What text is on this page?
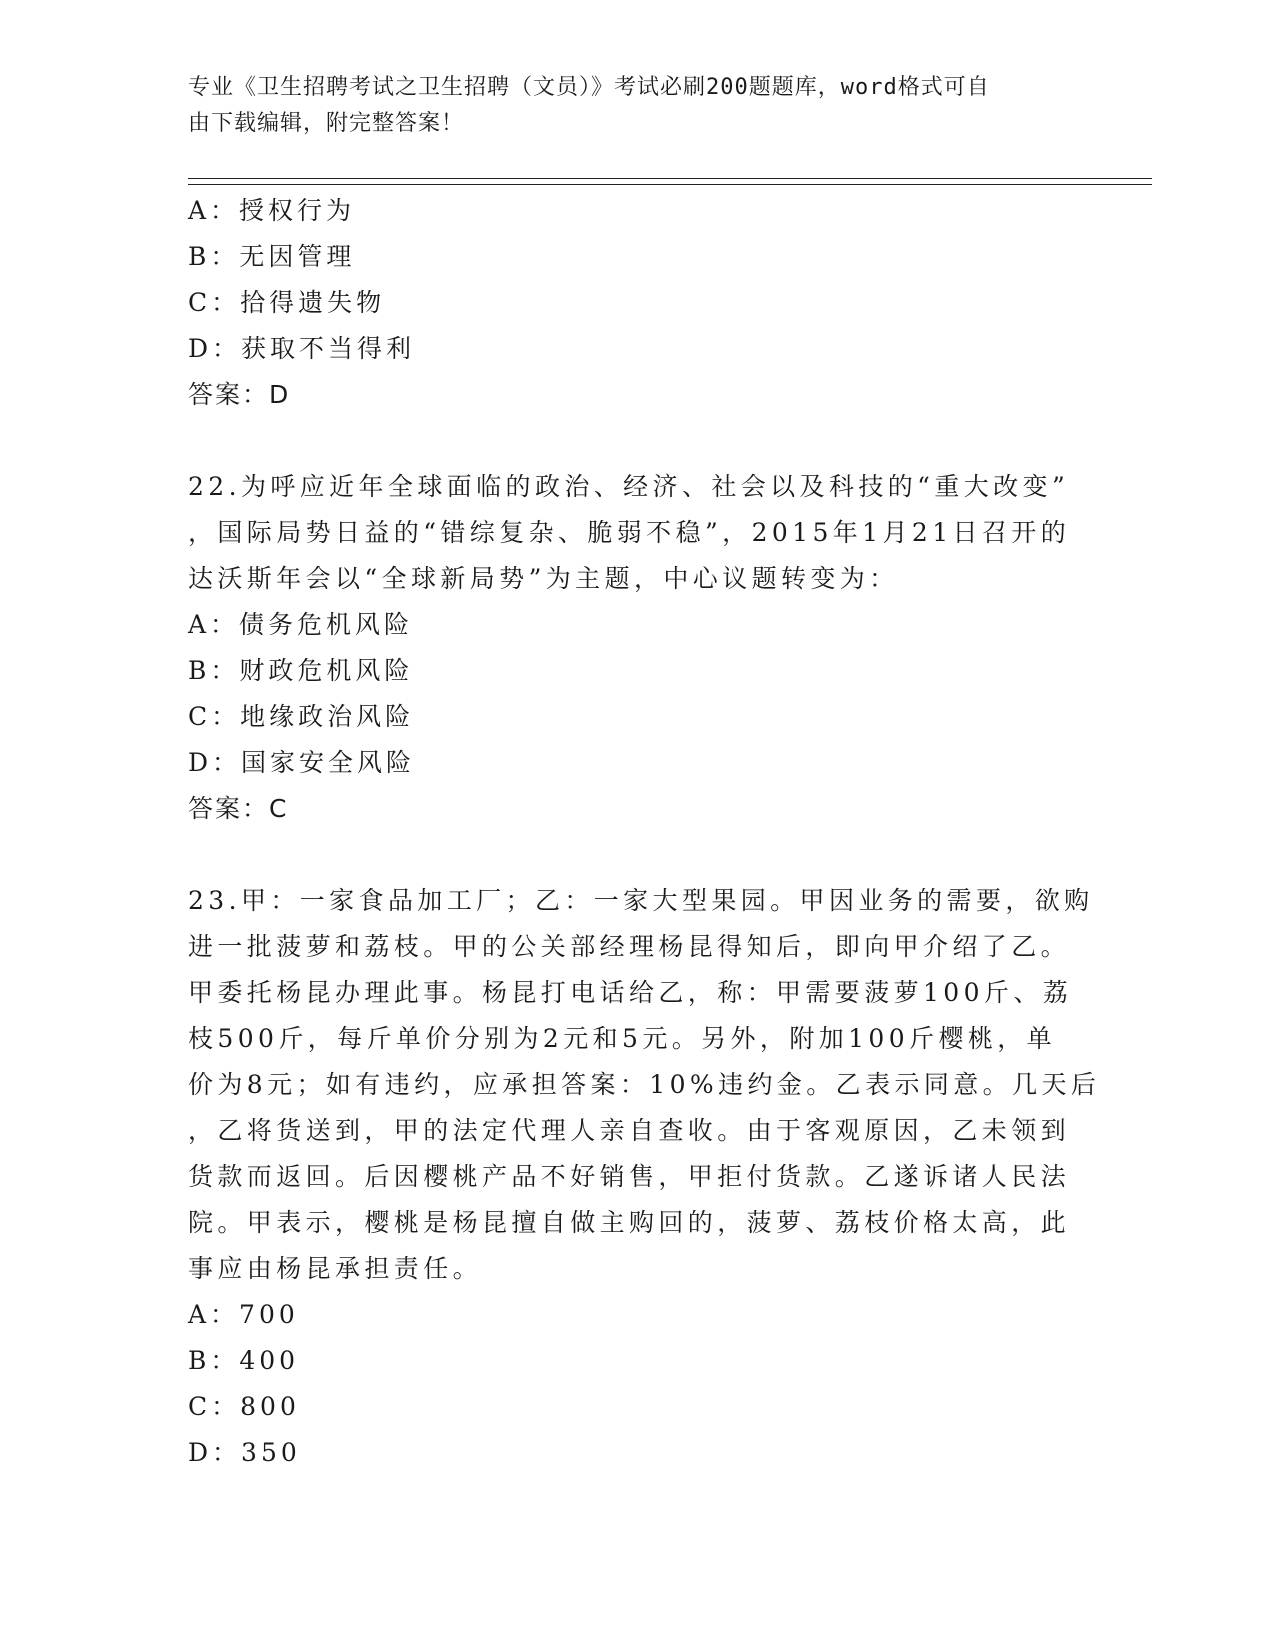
专业《卫生招聘考试之卫生招聘（文员）》考试必刷200题题库，word格式可自
由下载编辑，附完整答案！
A：授权行为
B：无因管理
C：拾得遗失物
D：获取不当得利
答案：D
22.为呼应近年全球面临的政治、经济、社会以及科技的“重大改变”
，国际局势日益的“错综复杂、脆弱不稳”，2015年1月21日召开的
达沃斯年会以“全球新局势”为主题，中心议题转变为：
A：债务危机风险
B：财政危机风险
C：地缘政治风险
D：国家安全风险
答案：C
23.甲：一家食品加工厂；乙：一家大型果园。甲因业务的需要，欲购
进一批菠萝和荔枝。甲的公关部经理杨昆得知后，即向甲介绍了乙。
甲委托杨昆办理此事。杨昆打电话给乙，称：甲需要菠萝100斤、荔
枝500斤，每斤单价分别为2元和5元。另外，附加100斤樱桃，单
价为8元；如有违约，应承担答案：10%违约金。乙表示同意。几天后
，乙将货送到，甲的法定代理人亲自查收。由于客观原因，乙未领到
货款而返回。后因樱桃产品不好销售，甲拒付货款。乙遂诉诸人民法
院。甲表示，樱桃是杨昆擅自做主购回的，菠萝、荔枝价格太高，此
事应由杨昆承担责任。
A：700
B：400
C：800
D：350
